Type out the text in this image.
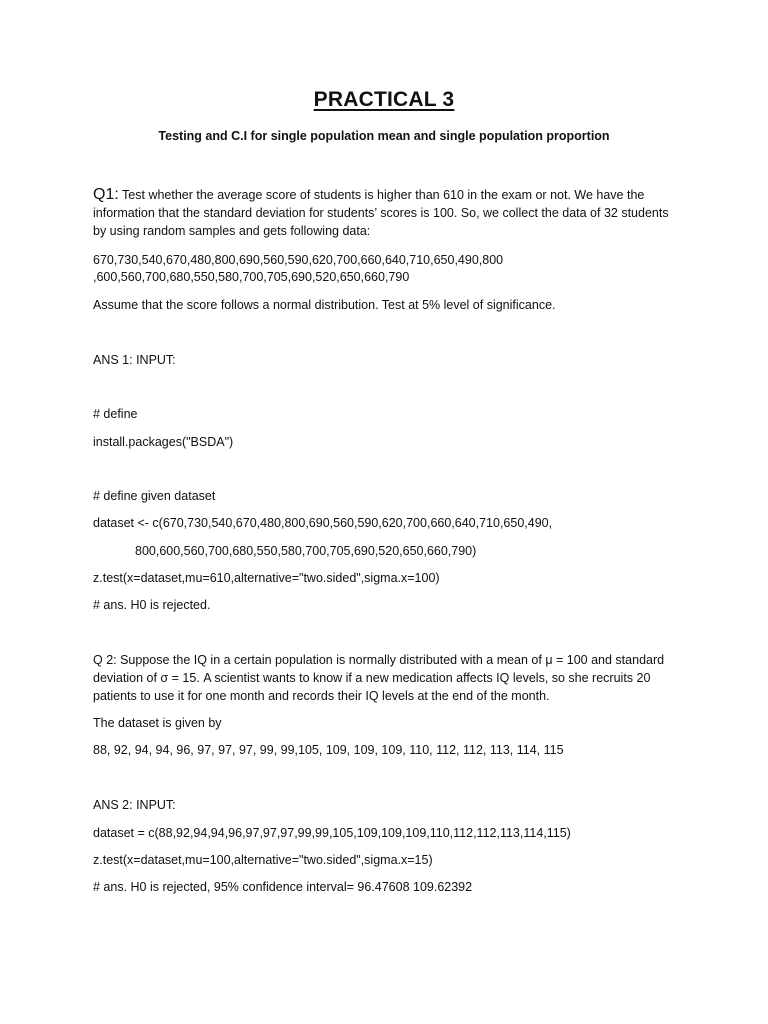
PRACTICAL 3
Testing and C.I for single population mean and single population proportion
Q1: Test whether the average score of students is higher than 610 in the exam or not. We have the information that the standard deviation for students’ scores is 100. So, we collect the data of 32 students by using random samples and gets following data:
670,730,540,670,480,800,690,560,590,620,700,660,640,710,650,490,800
,600,560,700,680,550,580,700,705,690,520,650,660,790
Assume that the score follows a normal distribution. Test at 5% level of significance.
ANS 1: INPUT:
# define
install.packages("BSDA")
# define given dataset
dataset <- c(670,730,540,670,480,800,690,560,590,620,700,660,640,710,650,490,
800,600,560,700,680,550,580,700,705,690,520,650,660,790)
z.test(x=dataset,mu=610,alternative="two.sided",sigma.x=100)
# ans. H0 is rejected.
Q 2: Suppose the IQ in a certain population is normally distributed with a mean of μ = 100 and standard deviation of σ = 15. A scientist wants to know if a new medication affects IQ levels, so she recruits 20 patients to use it for one month and records their IQ levels at the end of the month.
The dataset is given by
88, 92, 94, 94, 96, 97, 97, 97, 99, 99,105, 109, 109, 109, 110, 112, 112, 113, 114, 115
ANS 2: INPUT:
dataset = c(88,92,94,94,96,97,97,97,99,99,105,109,109,109,110,112,112,113,114,115)
z.test(x=dataset,mu=100,alternative="two.sided",sigma.x=15)
# ans. H0 is rejected, 95% confidence interval= 96.47608 109.62392
